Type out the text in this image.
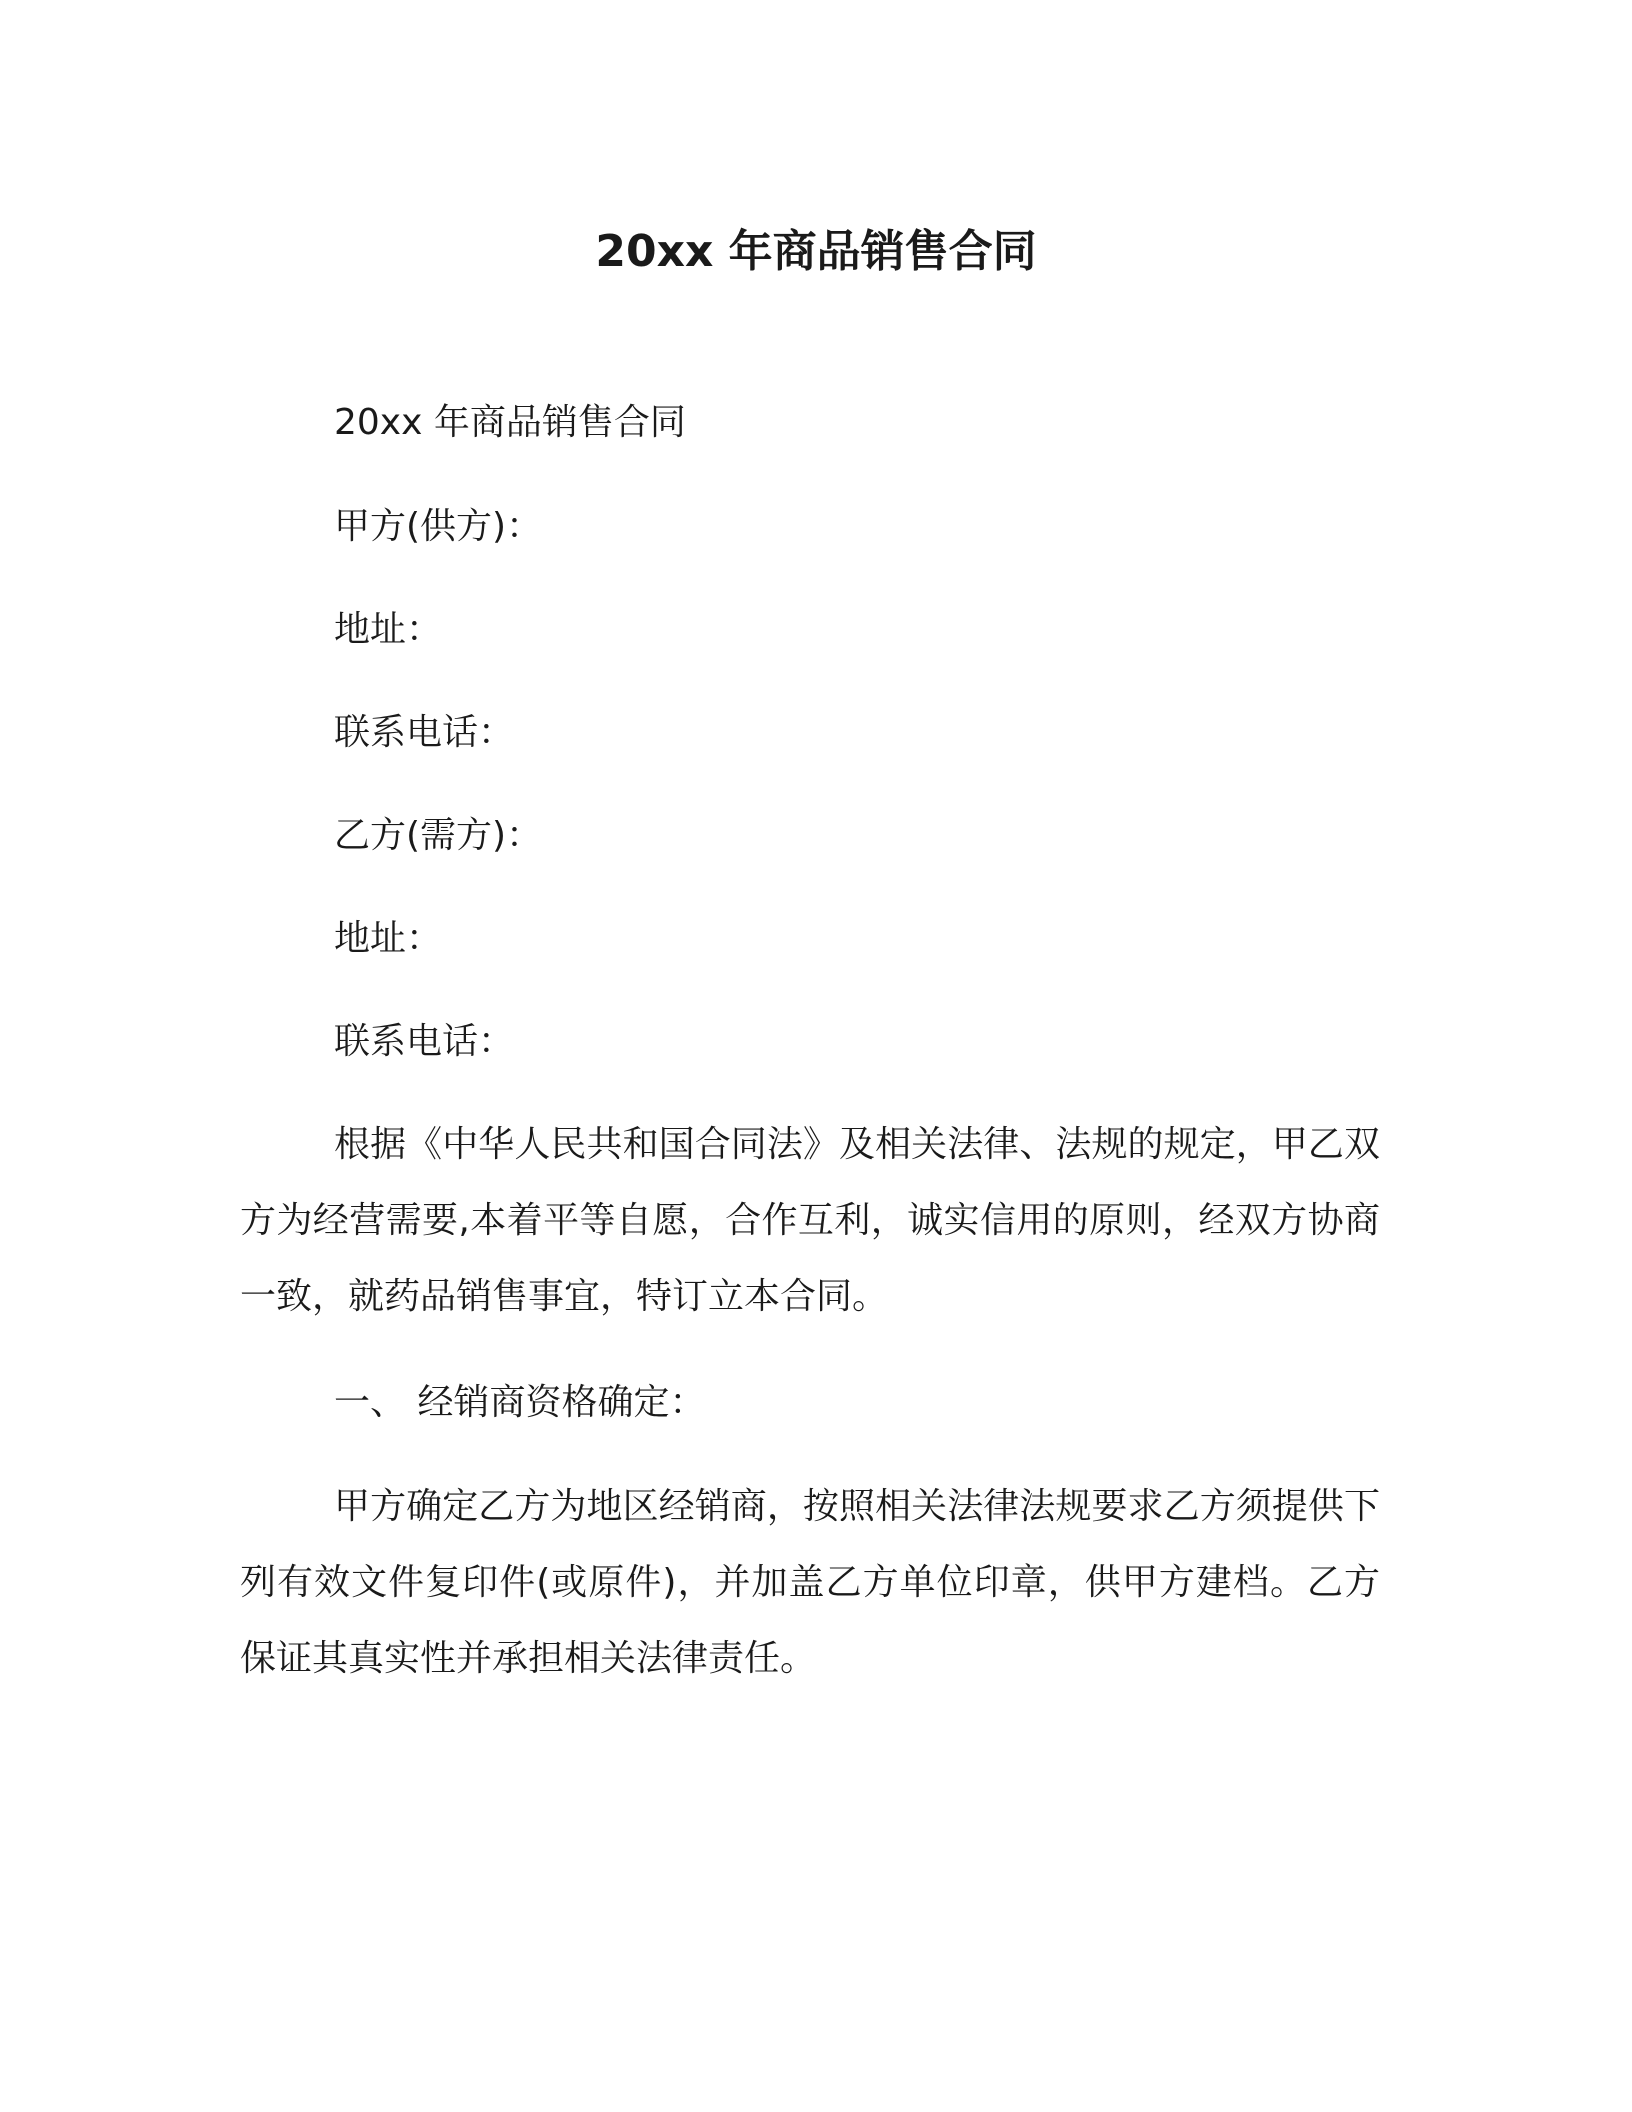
20xx 年商品销售合同
20xx 年商品销售合同
甲方(供方)：
地址：
联系电话：
乙方(需方)：
地址：
联系电话：
根据《中华人民共和国合同法》及相关法律、法规的规定，甲乙双方为经营需要,本着平等自愿，合作互利，诚实信用的原则，经双方协商一致，就药品销售事宜，特订立本合同。
一、 经销商资格确定：
甲方确定乙方为地区经销商，按照相关法律法规要求乙方须提供下列有效文件复印件(或原件)，并加盖乙方单位印章，供甲方建档。乙方保证其真实性并承担相关法律责任。
